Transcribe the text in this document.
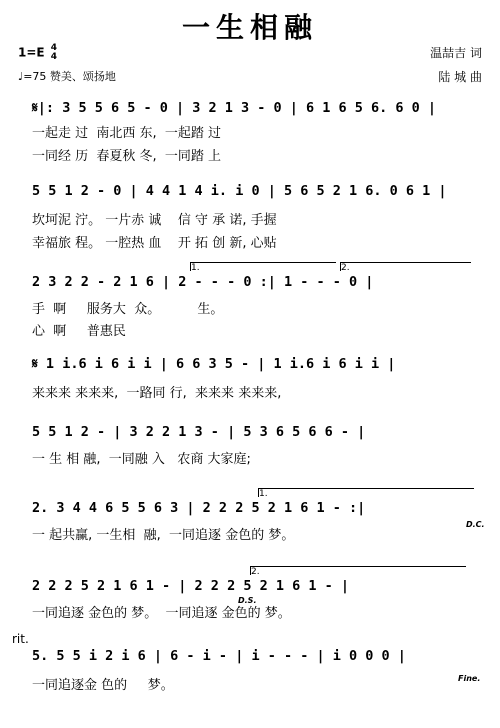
一生相融
1=E 4
4
♩=75 赞美、颂扬地
温喆吉 词
陆 城 曲
𝄋|: 3 5 5 6 5 - 0 | 3 2 1 3 - 0 | 6 1 6 5 6. 6 0 |
一起走 过  南北西 东,  一起踏 过
一同经 历  春夏秋 冬,  一同踏 上
5 5 1 2 - 0 | 4 4 1 4 i. i 0 | 5 6 5 2 1 6. 0 6 1 |
坎坷泥 泞。 一片赤 诚    信 守 承 诺, 手握
幸福旅 程。 一腔热 血    开 拓 创 新, 心贴
1.	2.
2 3 2 2 - 2 1 6 | 2 - - - 0 :| 1 - - - 0 |
手  啊     服务大  众。         生。
心  啊     普惠民
𝄋 1 i.6 i 6 i i | 6 6 3 5 - | 1 i.6 i 6 i i |
来来来 来来来,  一路同 行,  来来来 来来来,
5 5 1 2 - | 3 2 2 1 3 - | 5 3 6 5 6 6 - |
一 生 相 融,  一同融 入   农商 大家庭;
1.
2. 3 4 4 6 5 5 6 3 | 2 2 2 5 2 1 6 1 - :|
一 起共赢, 一生相  融,  一同追逐 金色的 梦。
D.C.
2.
2 2 2 5 2 1 6 1 - | 2 2 2 5 2 1 6 1 - |
一同追逐 金色的 梦。  一同追逐 金色的 梦。
D.S.
rit.
5. 5 5 i 2 i 6 | 6 - i - | i - - - | i 0 0 0 |
一同追逐金 色的     梦。	Fine.
